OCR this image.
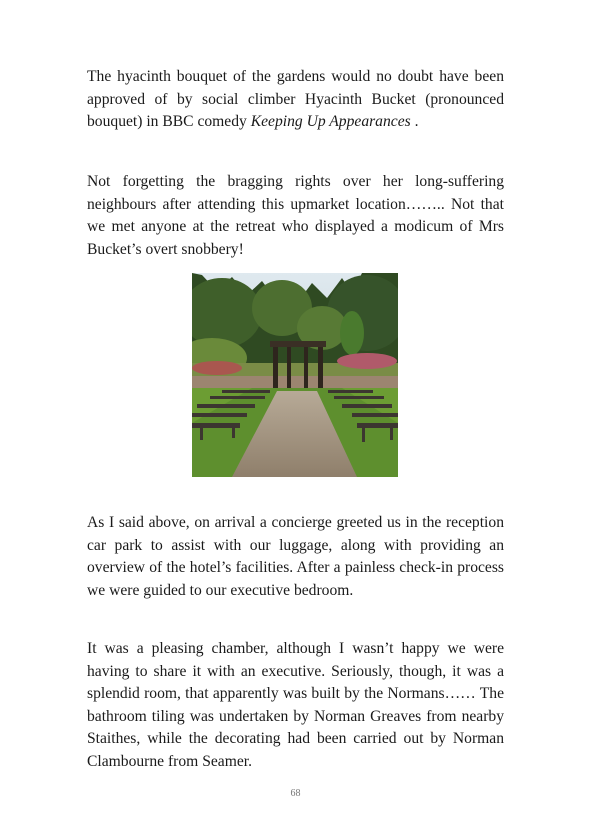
The hyacinth bouquet of the gardens would no doubt have been approved of by social climber Hyacinth Bucket (pronounced bouquet) in BBC comedy Keeping Up Appearances .

Not forgetting the bragging rights over her long-suffering neighbours after attending this upmarket location…….. Not that we met anyone at the retreat who displayed a modicum of Mrs Bucket’s overt snobbery!

As I said above, on arrival a concierge greeted us in the reception car park to assist with our luggage, along with providing an overview of the hotel’s facilities. After a painless check-in process we were guided to our executive bedroom.

It was a pleasing chamber, although I wasn’t happy we were having to share it with an executive. Seriously, though, it was a splendid room, that apparently was built by the Normans…… The bathroom tiling was undertaken by Norman Greaves from nearby Staithes, while the decorating had been carried out by Norman Clambourne from Seamer.

68
